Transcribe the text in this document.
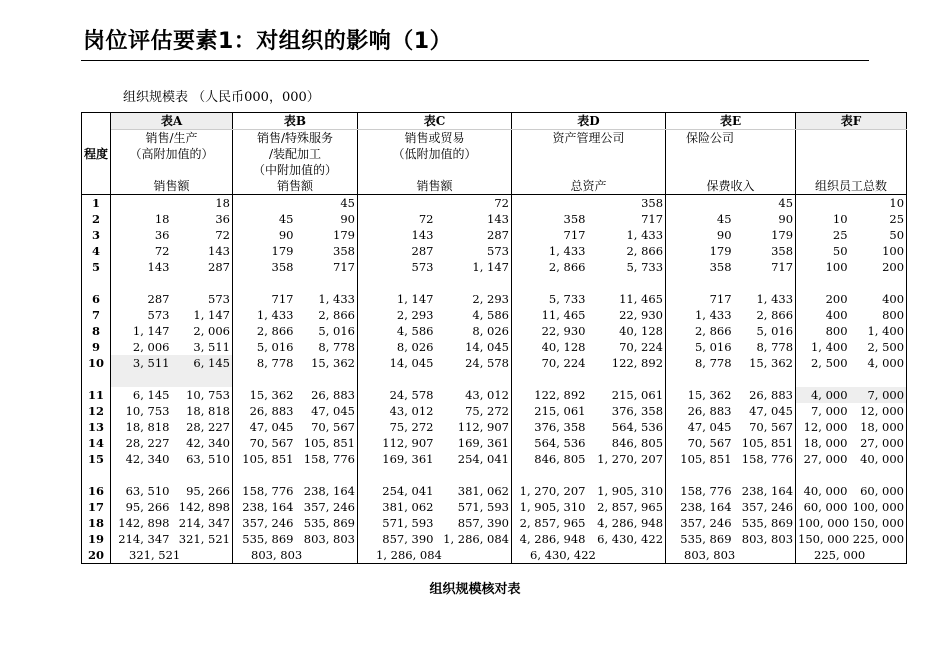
岗位评估要素1：对组织的影响（1）
组织规模表 （人民币000，000）
程度	表A		表B		表C		表D		表E		表F	
	销售/生产		销售/特殊服务		销售或贸易		资产管理公司		保险公司			
	（高附加值的）		/装配加工		（低附加值的）							
			（中附加值的）									
	销售额		销售额		销售额		总资产		保费收入		组织员工总数	
1		18		45		72		358		45		10
2	18	36	45	90	72	143	358	717	45	90	10	25
3	36	72	90	179	143	287	717	1, 433	90	179	25	50
4	72	143	179	358	287	573	1, 433	2, 866	179	358	50	100
5	143	287	358	717	573	1, 147	2, 866	5, 733	358	717	100	200

6	287	573	717	1, 433	1, 147	2, 293	5, 733	11, 465	717	1, 433	200	400
7	573	1, 147	1, 433	2, 866	2, 293	4, 586	11, 465	22, 930	1, 433	2, 866	400	800
8	1, 147	2, 006	2, 866	5, 016	4, 586	8, 026	22, 930	40, 128	2, 866	5, 016	800	1, 400
9	2, 006	3, 511	5, 016	8, 778	8, 026	14, 045	40, 128	70, 224	5, 016	8, 778	1, 400	2, 500
10	3, 511	6, 145	8, 778	15, 362	14, 045	24, 578	70, 224	122, 892	8, 778	15, 362	2, 500	4, 000

11	6, 145	10, 753	15, 362	26, 883	24, 578	43, 012	122, 892	215, 061	15, 362	26, 883	4, 000	7, 000
12	10, 753	18, 818	26, 883	47, 045	43, 012	75, 272	215, 061	376, 358	26, 883	47, 045	7, 000	12, 000
13	18, 818	28, 227	47, 045	70, 567	75, 272	112, 907	376, 358	564, 536	47, 045	70, 567	12, 000	18, 000
14	28, 227	42, 340	70, 567	105, 851	112, 907	169, 361	564, 536	846, 805	70, 567	105, 851	18, 000	27, 000
15	42, 340	63, 510	105, 851	158, 776	169, 361	254, 041	846, 805	1, 270, 207	105, 851	158, 776	27, 000	40, 000

16	63, 510	95, 266	158, 776	238, 164	254, 041	381, 062	1, 270, 207	1, 905, 310	158, 776	238, 164	40, 000	60, 000
17	95, 266	142, 898	238, 164	357, 246	381, 062	571, 593	1, 905, 310	2, 857, 965	238, 164	357, 246	60, 000	100, 000
18	142, 898	214, 347	357, 246	535, 869	571, 593	857, 390	2, 857, 965	4, 286, 948	357, 246	535, 869	100, 000	150, 000
19	214, 347	321, 521	535, 869	803, 803	857, 390	1, 286, 084	4, 286, 948	6, 430, 422	535, 869	803, 803	150, 000	225, 000
20	321, 521		803, 803		1, 286, 084		6, 430, 422		803, 803		225, 000	
组织规模核对表
